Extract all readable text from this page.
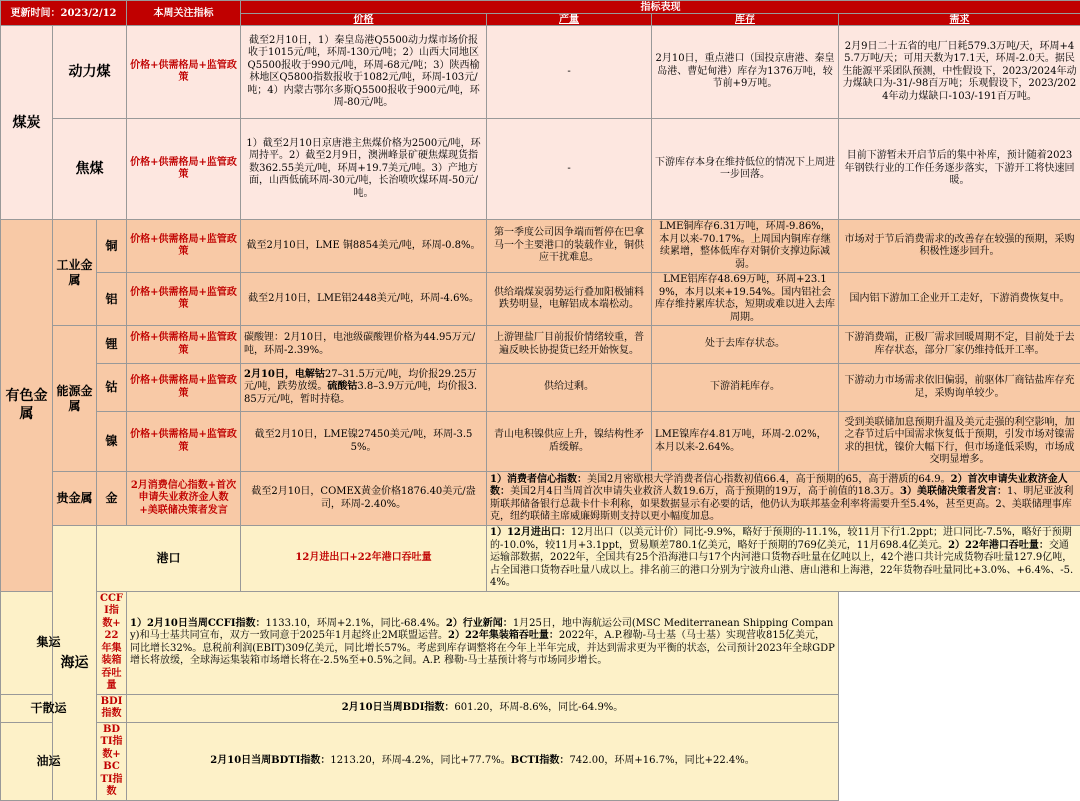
更新时间：2023/2/12			本周关注指标	指标表现			
				价格	产量	库存	需求
煤炭	动力煤		价格+供需格局+监管政策	截至2月10日，1）秦皇岛港Q5500动力煤市场价报收于1015元/吨，环周-130元/吨；2）山西大同地区Q5500报收于990元/吨，环周-68元/吨；3）陕西榆林地区Q5800指数报收于1082元/吨，环周-103元/吨；4）内蒙古鄂尔多斯Q5500报收于900元/吨，环周-80元/吨。	-	2月10日，重点港口（国投京唐港、秦皇岛港、曹妃甸港）库存为1376万吨，较节前+9万吨。	2月9日二十五省的电厂日耗579.3万吨/天，环周+45.7万吨/天；可用天数为17.1天，环周-2.0天。据民生能源平采团队预测，中性假设下，2023/2024年动力煤缺口为-31/-98百万吨；乐观假设下，2023/2024年动力煤缺口-103/-191百万吨。
	焦煤		价格+供需格局+监管政策	1）截至2月10日京唐港主焦煤价格为2500元/吨，环周持平。2）截至2月9日，澳洲峰景矿硬焦煤现货指数362.55美元/吨，环周+19.7美元/吨。3）产地方面，山西低硫环周-30元/吨，长治喷吹煤环周-50元/吨。	-	下游库存本身在维持低位的情况下上周进一步回落。	目前下游暂未开启节后的集中补库，预计随着2023年钢铁行业的工作任务逐步落实，下游开工将快速回暖。
有色金属	工业金属	铜	价格+供需格局+监管政策	截至2月10日，LME 铜8854美元/吨，环周-0.8%。	第一季度公司因争端而暂停在巴拿马一个主要港口的装载作业，铜供应干扰难息。	LME铜库存6.31万吨，环周-9.86%，本月以来-70.17%。上周国内铜库存继续累增，整体低库存对铜价支撑边际减弱。	市场对于节后消费需求的改善存在较强的预期，采购积极性逐步回升。
		铝	价格+供需格局+监管政策	截至2月10日，LME铝2448美元/吨，环周-4.6%。	供给端煤炭弱势运行叠加阳极铺料跌势明显，电解铝成本端松动。	LME铝库存48.69万吨，环周+23.19%，本月以来+19.54%。国内铝社会库存维持累库状态，短期或难以进入去库周期。	国内铝下游加工企业开工走好，下游消费恢复中。
	能源金属	锂	价格+供需格局+监管政策	碳酸锂：2月10日，电池级碳酸锂价格为44.95万元/吨，环周-2.39%。	上游锂盐厂目前报价情绪较重，普遍反映长协提货已经开始恢复。	处于去库存状态。	下游消费端，正极厂需求回暖周期不定，目前处于去库存状态，部分厂家仍维持低开工率。
		钴	价格+供需格局+监管政策	2月10日，电解钴27–31.5万元/吨，均价报29.25万元/吨，跌势放缓。硫酸钴3.8–3.9万元/吨，均价报3.85万元/吨，暂时持稳。	供给过剩。	下游消耗库存。	下游动力市场需求依旧偏弱，前驱体厂商钴盐库存充足，采购询单较少。
		镍	价格+供需格局+监管政策	截至2月10日，LME镍27450美元/吨，环周-3.55%。	青山电积镍供应上升，镍结构性矛盾缓解。	LME镍库存4.81万吨，环周-2.02%，本月以来-2.64%。	受到美联储加息预期升温及美元走强的利空影响，加之春节过后中国需求恢复低于预期，引发市场对镍需求的担忧，镍价大幅下行，但市场逢低采购，市场成交明显增多。
	贵金属	金	2月消费信心指数+首次申请失业救济金人数+美联储决策者发言	截至2月10日，COMEX黄金价格1876.40美元/盎司，环周-2.40%。	1）消费者信心指数：美国2月密歇根大学消费者信心指数初值66.4，高于预期的65，高于潜质的64.9。2）首次申请失业救济金人数：美国2月4日当周首次申请失业救济人数19.6万，高于预期的19万，高于前值的18.3万。3）美联储决策者发言：1、明尼亚波利斯联邦储备银行总裁卡什卡利称，如果数据显示有必要的话，他仍认为联邦基金利率将需要升至5.4%，甚至更高。2、美联储理事库克，纽约联储主席威廉姆斯则支持以更小幅度加息。		
	海运	港口		12月进出口+22年港口吞吐量	1）12月进出口：12月出口（以美元计价）同比-9.9%，略好于预期的-11.1%，较11月下行1.2ppt；进口同比-7.5%，略好于预期的-10.0%，较11月+3.1ppt，贸易顺差780.1亿美元，略好于预期的769亿美元，11月698.4亿美元。2）22年港口吞吐量：交通运输部数据，2022年，全国共有25个沿海港口与17个内河港口货物吞吐量在亿吨以上，42个港口共计完成货物吞吐量127.9亿吨，占全国港口货物吞吐量八成以上。排名前三的港口分别为宁波舟山港、唐山港和上海港，22年货物吞吐量同比+3.0%、+6.4%、-5.4%。		
集运		CCFI指数+22年集装箱吞吐量	1）2月10日当周CCFI指数：1133.10，环周+2.1%，同比-68.4%。2）行业新闻：1月25日，地中海航运公司(MSC Mediterranean Shipping Company)和马士基共同宣布，双方一致同意于2025年1月起终止2M联盟运营。2）22年集装箱吞吐量：2022年，A.P.穆勒-马士基（马士基）实现营收815亿美元，同比增长32%。息税前利润(EBIT)309亿美元，同比增长57%。考虑到库存调整将在今年上半年完成，并达到需求更为平衡的状态，公司预计2023年全球GDP增长将放缓，全球海运集装箱市场增长将在-2.5%至+0.5%之间。A.P. 穆勒-马士基预计将与市场同步增长。				
干散运		BDI指数	2月10日当周BDI指数：601.20，环周-8.6%，同比-64.9%。				
油运		BDTI指数+BCTI指数	2月10日当周BDTI指数：1213.20，环周-4.2%，同比+77.7%。BCTI指数：742.00，环周+16.7%，同比+22.4%。				
